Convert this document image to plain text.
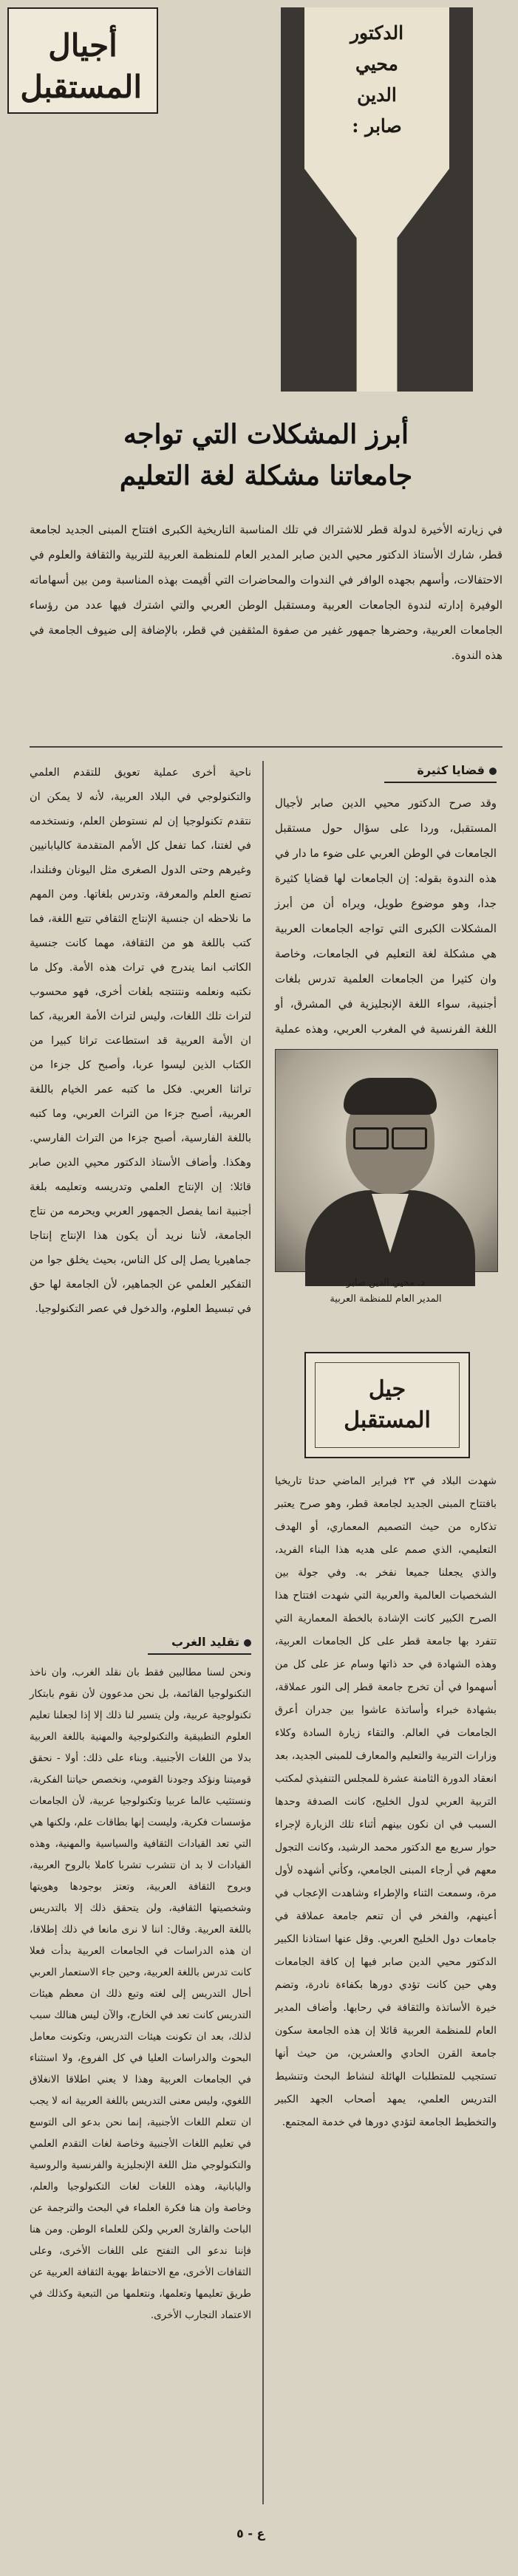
أجيال
المستقبل
الدكتور
محيي
الدين
صابر :
أبرز المشكلات التي تواجه
جامعاتنا مشكلة لغة التعليم
في زيارته الأخيرة لدولة قطر للاشتراك في تلك المناسبة التاريخية الكبرى افتتاح المبنى الجديد لجامعة قطر، شارك الأستاذ الدكتور محيي الدين صابر المدير العام للمنظمة العربية للتربية والثقافة والعلوم في الاحتفالات، وأسهم بجهده الوافر في الندوات والمحاضرات التي أقيمت بهذه المناسبة ومن بين أسهاماته الوفيرة إدارته لندوة الجامعات العربية ومستقبل الوطن العربي والتي اشترك فيها عدد من رؤساء الجامعات العربية، وحضرها جمهور غفير من صفوة المثقفين في قطر، بالإضافة إلى ضيوف الجامعة في هذه الندوة.
قضايا كثيرة
وقد صرح الدكتور محيي الدين صابر لأجيال المستقبل، وردا على سؤال حول مستقبل الجامعات في الوطن العربي على ضوء ما دار في هذه الندوة بقوله: إن الجامعات لها قضايا كثيرة جدا، وهو موضوع طويل، ويراه أن من أبرز المشكلات الكبرى التي تواجه الجامعات العربية هي مشكلة لغة التعليم في الجامعات، وخاصة وان كثيرا من الجامعات العلمية تدرس بلغات أجنبية، سواء اللغة الإنجليزية في المشرق، أو اللغة الفرنسية في المغرب العربي، وهذه عملية
د. محيي الدين صابر
المدير العام للمنظمة العربية
جيل
المستقبل
شهدت البلاد في ٢٣ فبراير الماضي حدثا تاريخيا بافتتاح المبنى الجديد لجامعة قطر، وهو صرح يعتبر تذكاره من حيث التصميم المعماري، أو الهدف التعليمي، الذي صمم على هديه هذا البناء الفريد، والذي يجعلنا جميعا نفخر به. وفي جولة بين الشخصيات العالمية والعربية التي شهدت افتتاح هذا الصرح الكبير كانت الإشادة بالخطة المعمارية التي تتفرد بها جامعة قطر على كل الجامعات العربية، وهذه الشهادة في حد ذاتها وسام عز على كل من أسهموا في أن تخرج جامعة قطر إلى النور عملاقة، بشهادة خبراء وأساتذة عاشوا بين جدران أعرق الجامعات في العالم. والتقاء زيارة السادة وكلاء وزارات التربية والتعليم والمعارف للمبنى الجديد، بعد انعقاد الدورة الثامنة عشرة للمجلس التنفيذي لمكتب التربية العربي لدول الخليج، كانت الصدفة وحدها السبب في ان نكون بينهم أثناء تلك الزيارة لإجراء حوار سريع مع الدكتور محمد الرشيد، وكانت التجول معهم في أرجاء المبنى الجامعي، وكأني أشهده لأول مرة، وسمعت الثناء والإطراء وشاهدت الإعجاب في أعينهم، والفخر في أن تنعم جامعة عملاقة في جامعات دول الخليج العربي. وقل عنها استاذنا الكبير الدكتور محيي الدين صابر فيها إن كافة الجامعات وهي حين كانت تؤدي دورها بكفاءة نادرة، وتضم خيرة الأساتذة والثقافة في رحابها. وأضاف المدير العام للمنظمة العربية قائلا إن هذه الجامعة سكون جامعة القرن الحادي والعشرين، من حيث أنها تستجيب للمتطلبات الهائلة لنشاط البحث وتنشيط التدريس العلمي، يمهد أصحاب الجهد الكبير والتخطيط الجامعة لتؤدي دورها في خدمة المجتمع.
ناحية أخرى عملية تعويق للتقدم العلمي والتكنولوجي في البلاد العربية، لأنه لا يمكن ان نتقدم تكنولوجيا إن لم نستوطن العلم، ونستخدمه في لغتنا، كما تفعل كل الأمم المتقدمة كاليابانيين وغيرهم وحتى الدول الصغرى مثل اليونان وفنلندا، تصنع العلم والمعرفة، وتدرس بلغاتها. ومن المهم ما نلاحظه ان جنسية الإنتاج الثقافي تتبع اللغة، فما كتب باللغة هو من الثقافة، مهما كانت جنسية الكاتب انما يندرج في تراث هذه الأمة. وكل ما نكتبه ونعلمه ونتنتجه بلغات أخرى، فهو محسوب لتراث تلك اللغات، وليس لتراث الأمة العربية، كما ان الأمة العربية قد استطاعت تراثا كبيرا من الكتاب الذين ليسوا عربا، وأصبح كل جزءا من تراثنا العربي. فكل ما كتبه عمر الخيام باللغة العربية، أصبح جزءا من التراث العربي، وما كتبه باللغة الفارسية، أصبح جزءا من التراث الفارسي. وهكذا. وأضاف الأستاذ الدكتور محيي الدين صابر قائلا: إن الإنتاج العلمي وتدريسه وتعليمه بلغة أجنبية انما يفصل الجمهور العربي ويحرمه من نتاج الجامعة، لأننا نريد أن يكون هذا الإنتاج إنتاجا جماهيريا يصل إلى كل الناس، بحيث يخلق جوا من التفكير العلمي عن الجماهير، لأن الجامعة لها حق في تبسيط العلوم، والدخول في عصر التكنولوجيا.
تقليد الغرب
ونحن لسنا مطالبين فقط بان نقلد الغرب، وان ناخذ التكنولوجيا القائمة، بل نحن مدعوون لأن نقوم بابتكار تكنولوجية عربية، ولن يتسير لنا ذلك إلا إذا لجعلنا تعليم العلوم التطبيقية والتكنولوجية والمهنية باللغة العربية بدلا من اللغات الأجنبية. وبناء على ذلك: أولا - نحقق قوميتنا ونؤكد وجودنا القومي، ونخصص حياتنا الفكرية، ونستثيب عالما عربيا وتكنولوجيا عربية، لأن الجامعات مؤسسات فكرية، وليست إنها بطاقات علم، ولكنها هي التي تعد القيادات الثقافية والسياسية والمهنية، وهذه القيادات لا بد ان تتشرب تشربا كاملا بالروح العربية، وبروح الثقافة العربية، وتعتز بوجودها وهويتها وشخصيتها الثقافية، ولن يتحقق ذلك إلا بالتدريس باللغة العربية. وقال: اننا لا نرى مانعا في ذلك إطلاقا، ان هذه الدراسات في الجامعات العربية بدأت فعلا كانت تدرس باللغة العربية، وحين جاء الاستعمار العربي أحال التدريس إلى لغته وتبع ذلك ان معظم هيئات التدريس كانت تعد في الخارج، والآن ليس هنالك سبب لذلك، بعد ان تكونت هيئات التدريس، وتكونت معامل البحوث والدراسات العليا في كل الفروع، ولا استثناء في الجامعات العربية وهذا لا يعني اطلاقا الانغلاق اللغوي، وليس معنى التدريس باللغة العربية انه لا يجب ان تتعلم اللغات الأجنبية، إنما نحن بدعو الى التوسع في تعليم اللغات الأجنبية وخاصة لغات التقدم العلمي والتكنولوجي مثل اللغة الإنجليزية والفرنسية والروسية واليابانية، وهذه اللغات لغات التكنولوجيا والعلم، وخاصة وان هنا فكرة العلماء في البحث والترجمة عن الباحث والقارئ العربي ولكن للعلماء الوطن. ومن هنا فإننا ندعو الى التفتح على اللغات الأخرى، وعلى الثقافات الأخرى، مع الاحتفاظ بهوية الثقافة العربية عن طريق تعليمها وتعلمها، ونتعلمها من التبعية وكذلك في الاعتماد التجارب الأخرى.
ع - ٥
